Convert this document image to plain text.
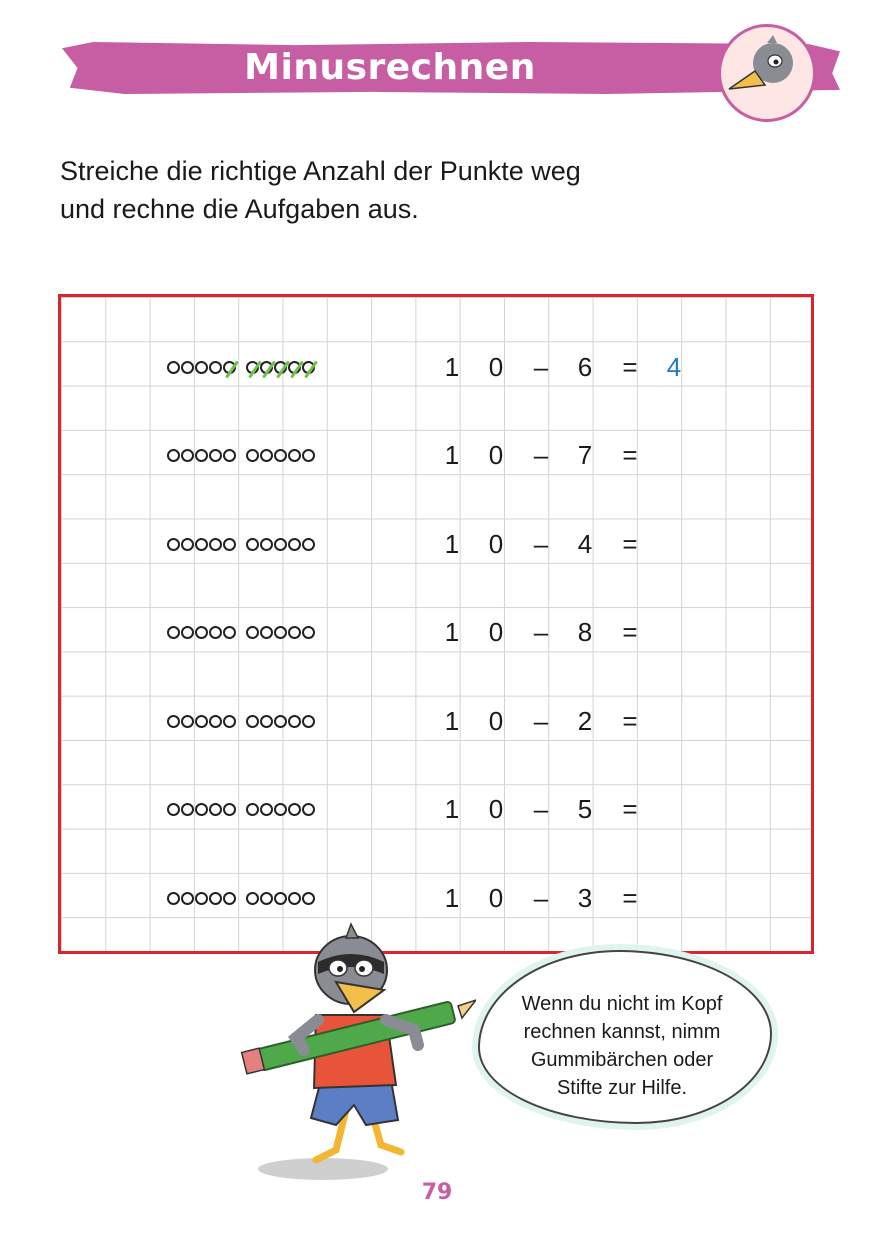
Minusrechnen
Streiche die richtige Anzahl der Punkte weg
und rechne die Aufgaben aus.
1	0	–	6	=	4
1	0	–	7	=
1	0	–	4	=
1	0	–	8	=
1	0	–	2	=
1	0	–	5	=
1	0	–	3	=
Wenn du nicht im Kopf
rechnen kannst, nimm
Gummibärchen oder
Stifte zur Hilfe.
79
